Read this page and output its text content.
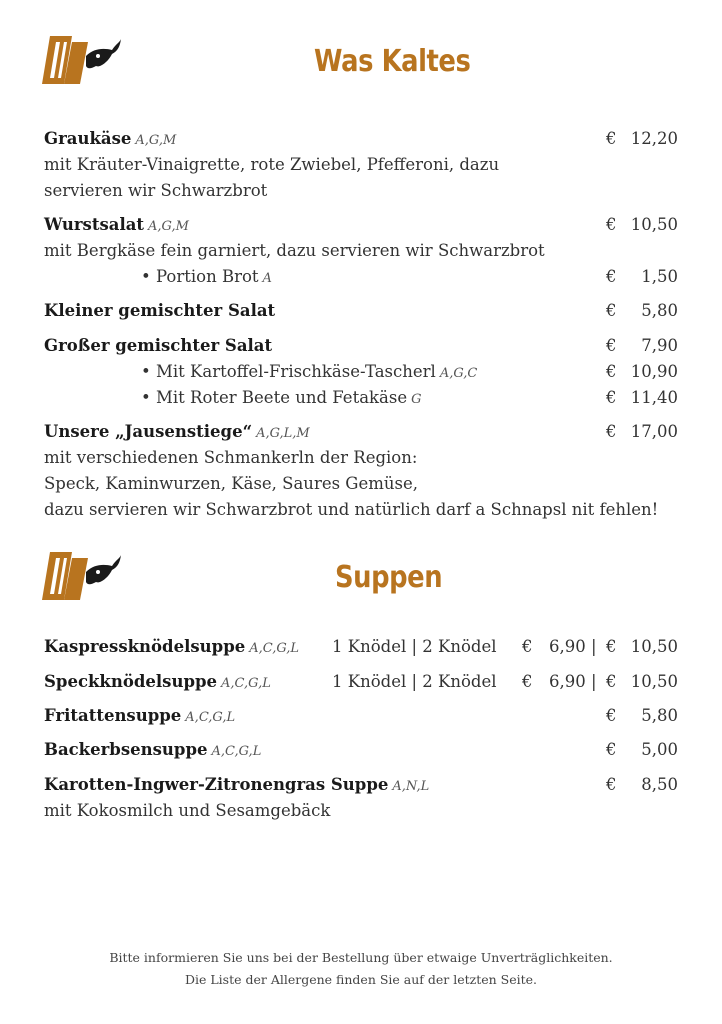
Was Kaltes
Graukäse A,G,M	€ 12,20
mit Kräuter-Vinaigrette, rote Zwiebel, Pfefferoni, dazu
servieren wir Schwarzbrot
Wurstsalat A,G,M	€ 10,50
mit Bergkäse fein garniert, dazu servieren wir Schwarzbrot
• Portion Brot A	€ 1,50
Kleiner gemischter Salat	€ 5,80
Großer gemischter Salat	€ 7,90
• Mit Kartoffel-Frischkäse-Tascherl A,G,C	€ 10,90
• Mit Roter Beete und Fetakäse G	€ 11,40
Unsere „Jausenstiege“ A,G,L,M	€ 17,00
mit verschiedenen Schmankerln der Region:
Speck, Kaminwurzen, Käse, Saures Gemüse,
dazu servieren wir Schwarzbrot und natürlich darf a Schnapsl nit fehlen!
Suppen
Kaspressknödelsuppe A,C,G,L 1 Knödel | 2 Knödel € 6,90 | € 10,50
Speckknödelsuppe A,C,G,L	1 Knödel | 2 Knödel € 6,90 | € 10,50
Fritattensuppe A,C,G,L	€ 5,80
Backerbsensuppe A,C,G,L	€ 5,00
Karotten-Ingwer-Zitronengras Suppe A,N,L	€ 8,50
mit Kokosmilch und Sesamgebäck
Bitte informieren Sie uns bei der Bestellung über etwaige Unverträglichkeiten.
Die Liste der Allergene finden Sie auf der letzten Seite.
